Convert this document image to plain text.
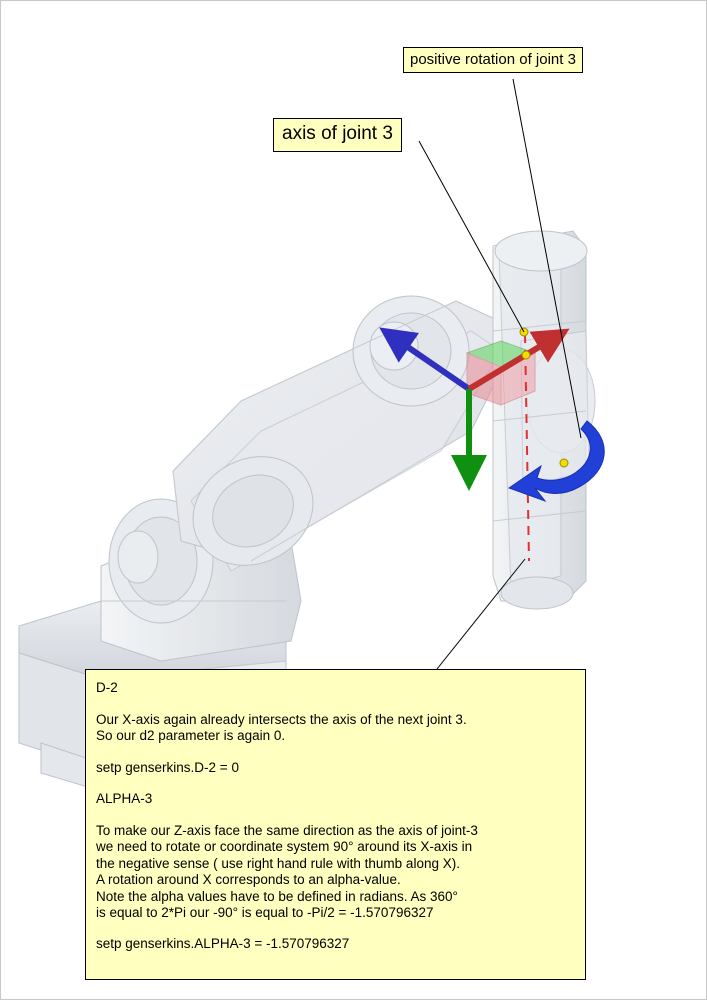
positive rotation of joint 3
axis of joint 3
D-2
Our X-axis again already intersects the axis of the next joint 3.
So our d2 parameter is again 0.
setp genserkins.D-2 = 0
ALPHA-3
To make our Z-axis face the same direction as the axis of joint-3
we need to rotate or coordinate system 90° around its X-axis in
the negative sense ( use right hand rule with thumb along X).
A rotation around X corresponds to an alpha-value.
Note the alpha values have to be defined in radians. As 360°
is equal to 2*Pi our -90° is equal to -Pi/2 = -1.570796327
setp genserkins.ALPHA-3 = -1.570796327
